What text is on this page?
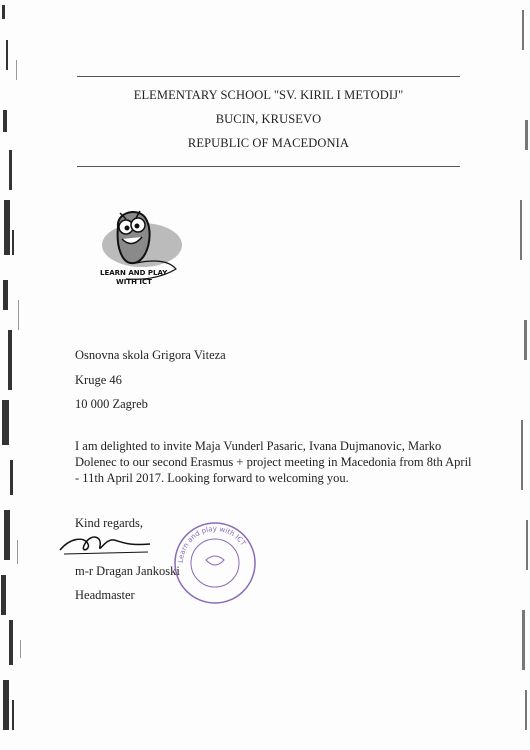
ELEMENTARY SCHOOL "SV. KIRIL I METODIJ"
BUCIN, KRUSEVO
REPUBLIC OF MACEDONIA
LEARN AND PLAY
WITH ICT
Osnovna skola Grigora Viteza
Kruge 46
10 000 Zagreb
I am delighted to invite Maja Vunderl Pasaric, Ivana Dujmanovic, Marko Dolenec to our second Erasmus + project meeting in Macedonia from 8th April - 11th April 2017. Looking forward to welcoming you.
Kind regards,
m-r Dragan Jankoski
Headmaster
Learn and play with ICT
